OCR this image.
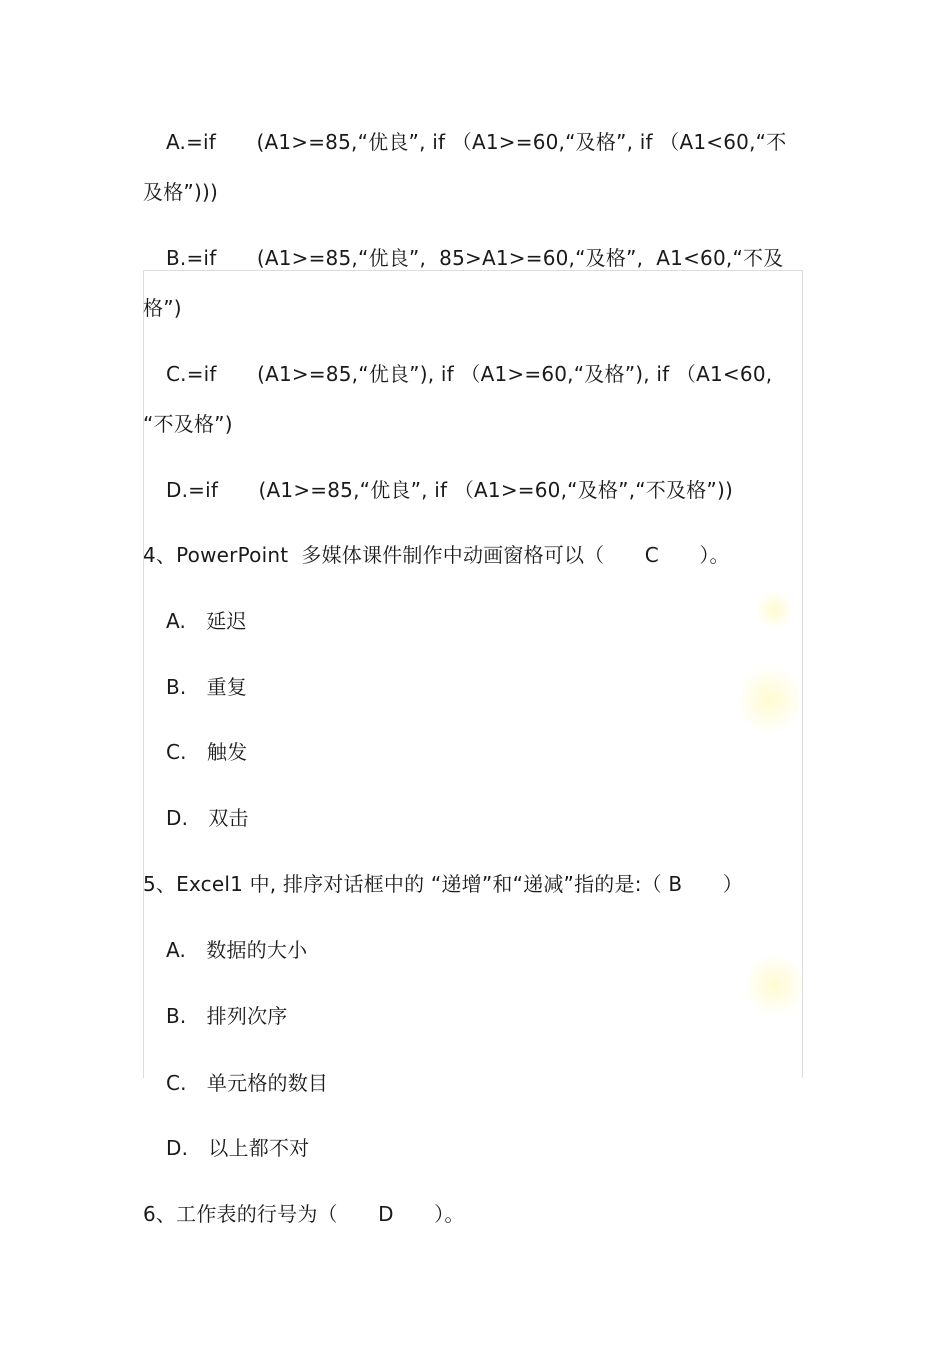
A.=if　　(A1>=85,“优良”, if （A1>=60,“及格”, if （A1<60,“不
及格”)))
B.=if　　(A1>=85,“优良”,  85>A1>=60,“及格”,  A1<60,“不及
格”)
C.=if　　(A1>=85,“优良”), if （A1>=60,“及格”), if （A1<60,
“不及格”)
D.=if　　(A1>=85,“优良”, if （A1>=60,“及格”,“不及格”))
4、PowerPoint  多媒体课件制作中动画窗格可以（　　C　　）。
A.　延迟
B.　重复
C.　触发
D.　双击
5、Excel1 中, 排序对话框中的 “递增”和“递减”指的是:（ B　　）
A.　数据的大小
B.　排列次序
C.　单元格的数目
D.　以上都不对
6、工作表的行号为（　　D　　）。
